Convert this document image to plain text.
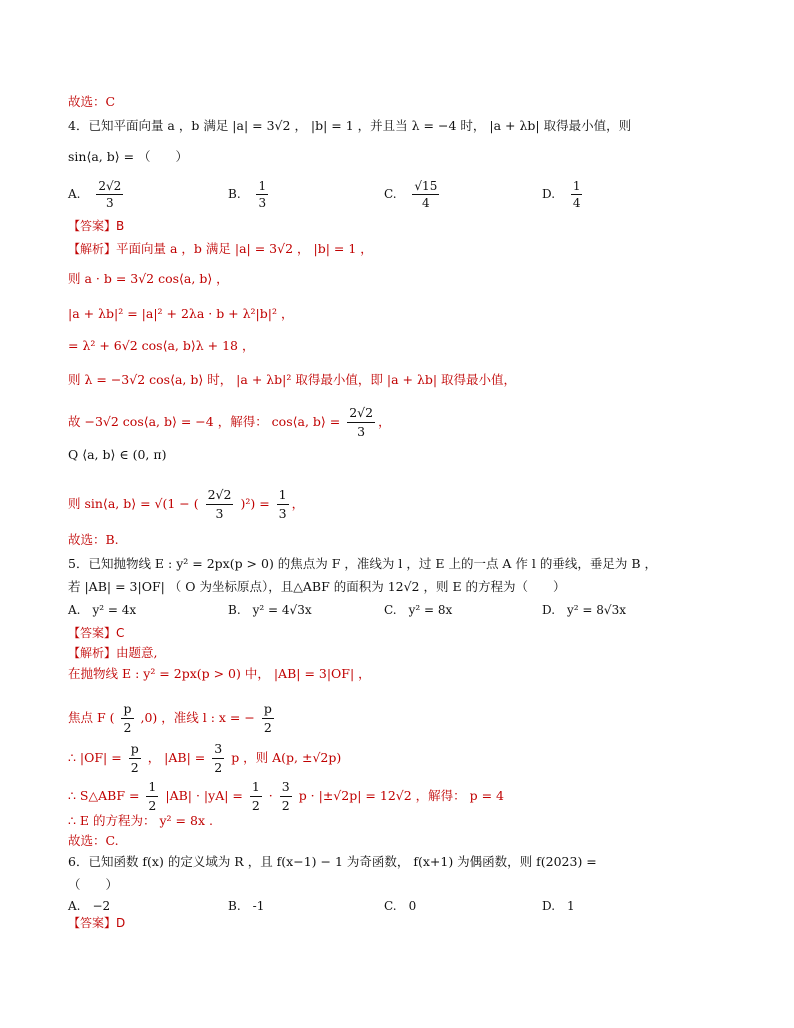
故选：C
4．已知平面向量 a ，b 满足 |a| = 3√2 ， |b| = 1 ，并且当 λ = −4 时， |a + λb| 取得最小值，则
sin⟨a, b⟩ = （　　）
A. $\frac{2√2}{3}$	B. $\frac{1}{3}$	C. $\frac{√15}{4}$	D. $\frac{1}{4}$
【答案】B
【解析】平面向量 a ，b 满足 |a| = 3√2 ， |b| = 1 ，
则 a · b = 3√2 cos⟨a, b⟩ ，
|a + λb|² = |a|² + 2λa · b + λ²|b|² ，
= λ² + 6√2 cos⟨a, b⟩λ + 18 ，
则 λ = −3√2 cos⟨a, b⟩ 时， |a + λb|² 取得最小值，即 |a + λb| 取得最小值，
故 −3√2 cos⟨a, b⟩ = −4 ，解得： cos⟨a, b⟩ = $\frac{2√2}{3}$ ，
Q ⟨a, b⟩ ∈ (0, π)
则 sin⟨a, b⟩ = √(1 − ( $\frac{2√2}{3} )^2) = \frac{1}{3}$ ，
故选：B.
5．已知抛物线 E : y² = 2px(p > 0) 的焦点为 F ，准线为 l ，过 E 上的一点 A 作 l 的垂线，垂足为 B ，
若 |AB| = 3|OF| （ O 为坐标原点），且△ABF 的面积为 12√2 ，则 E 的方程为（　　）
A.　y² = 4x	B.　y² = 4√3x	C.　y² = 8x	D.　y² = 8√3x
【答案】C
【解析】由题意,
在抛物线 E : y² = 2px(p > 0) 中， |AB| = 3|OF| ，
焦点 F ( $\frac{p}{2} ,0$) ，准线 l : x = − $\frac{p}{2}$
∴ $|OF| = \frac{p}{2}$ ， $|AB| = \frac{3}{2}$ p ，则 A(p, ±√2p)
∴ S△ABF = $\frac{1}{2} |AB| \cdot |yA| = \frac{1}{2} \cdot \frac{3}{2}$ p · |±√2p| = 12√2 ，解得： p = 4
∴ E 的方程为： y² = 8x .
故选：C.
6．已知函数 f(x) 的定义域为 R ，且 f(x−1) − 1 为奇函数， f(x+1) 为偶函数，则 f(2023) =
（　　）
A.　−2	B.　-1	C.　0	D.　1
【答案】D
